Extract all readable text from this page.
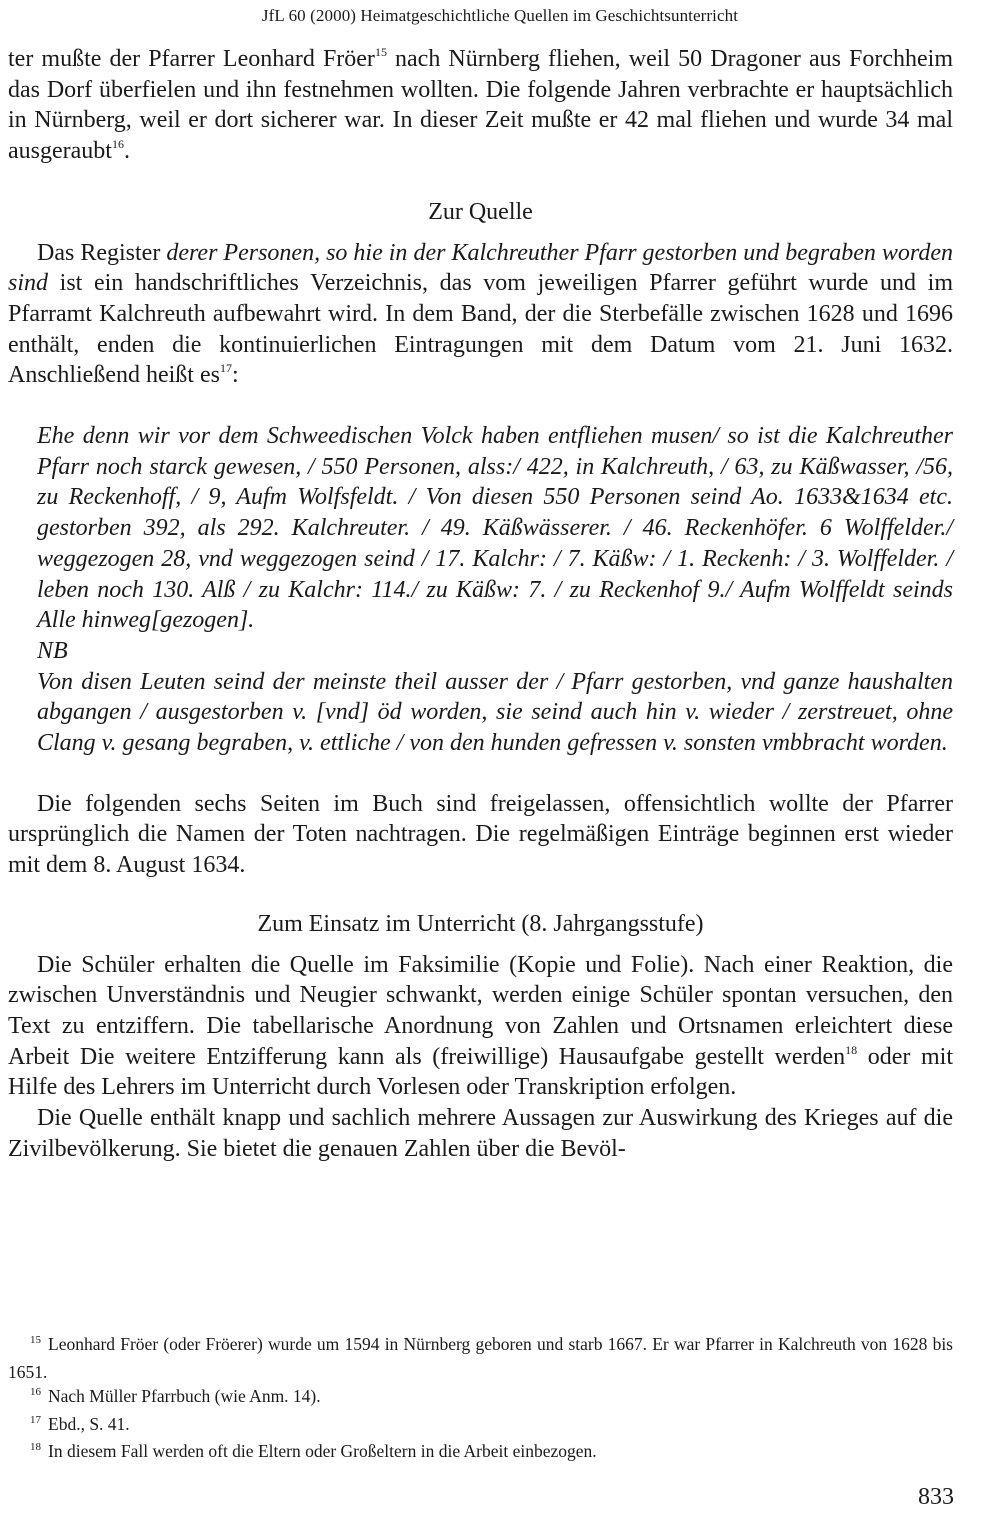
JfL 60 (2000) Heimatgeschichtliche Quellen im Geschichtsunterricht

ter mußte der Pfarrer Leonhard Fröer$^{15}$ nach Nürnberg fliehen, weil 50 Dragoner aus Forchheim das Dorf überfielen und ihn festnehmen wollten. Die folgende Jahren verbrachte er hauptsächlich in Nürnberg, weil er dort sicherer war. In dieser Zeit mußte er 42 mal fliehen und wurde 34 mal ausgeraubt$^{16}$.

Zur Quelle

Das Register derer Personen, so hie in der Kalchreuther Pfarr gestorben und begraben worden sind ist ein handschriftliches Verzeichnis, das vom jeweiligen Pfarrer geführt wurde und im Pfarramt Kalchreuth aufbewahrt wird. In dem Band, der die Sterbefälle zwischen 1628 und 1696 enthält, enden die kontinuierlichen Eintragungen mit dem Datum vom 21. Juni 1632. Anschließend heißt $es^{17}$:

Ehe denn wir vor dem Schweedischen Volck haben entfliehen musen/ so ist die Kalchreuther Pfarr noch starck gewesen, / 550 Personen, alss:/ 422, in Kalchreuth, / 63, zu Käßwasser, /56, zu Reckenhoff, / 9, Aufm Wolfsfeldt. / Von diesen 550 Personen seind Ao. 1633&1634 etc. gestorben 392, als 292. Kalchreuter. / 49. Käßwässerer. / 46. Reckenhöfer. 6 Wolffelder./ weggezogen 28, vnd weggezogen seind / 17. Kalchr: / 7. Käßw: / 1. Reckenh: / 3. Wolffelder. / leben noch 130. Alß / zu Kalchr: 114./ zu Käßw: 7. / zu Reckenhof 9./ Aufm Wolffeldt seinds Alle hinweg[gezogen].

NB

Von disen Leuten seind der meinste theil ausser der / Pfarr gestorben, vnd ganze haushalten abgangen / ausgestorben v. [vnd] öd worden, sie seind auch hin v. wieder / zerstreuet, ohne Clang v. gesang begraben, v. ettliche / von den hunden gefressen v. sonsten vmbbracht worden.

Die folgenden sechs Seiten im Buch sind freigelassen, offensichtlich wollte der Pfarrer ursprünglich die Namen der Toten nachtragen. Die regelmäßigen Einträge beginnen erst wieder mit dem 8. August 1634.

Zum Einsatz im Unterricht (8. Jahrgangsstufe)

Die Schüler erhalten die Quelle im Faksimilie (Kopie und Folie). Nach einer Reaktion, die zwischen Unverständnis und Neugier schwankt, werden einige Schüler spontan versuchen, den Text zu entziffern. Die tabellarische Anordnung von Zahlen und Ortsnamen erleichtert diese Arbeit Die weitere Entzifferung kann als (freiwillige) Hausaufgabe gestellt werden$^{18}$ oder mit Hilfe des Lehrers im Unterricht durch Vorlesen oder Transkription erfolgen.

Die Quelle enthält knapp und sachlich mehrere Aussagen zur Auswirkung des Krieges auf die Zivilbevölkerung. Sie bietet die genauen Zahlen über die Bevöl-

$^{15}$ Leonhard Fröer (oder Fröerer) wurde um 1594 in Nürnberg geboren und starb 1667. Er war Pfarrer in Kalchreuth von 1628 bis 1651.

$^{16}$ Nach Müller Pfarrbuch (wie Anm. 14).

$^{17}$ Ebd., S. 41.

$^{18}$ In diesem Fall werden oft die Eltern oder Großeltern in die Arbeit einbezogen.

833
